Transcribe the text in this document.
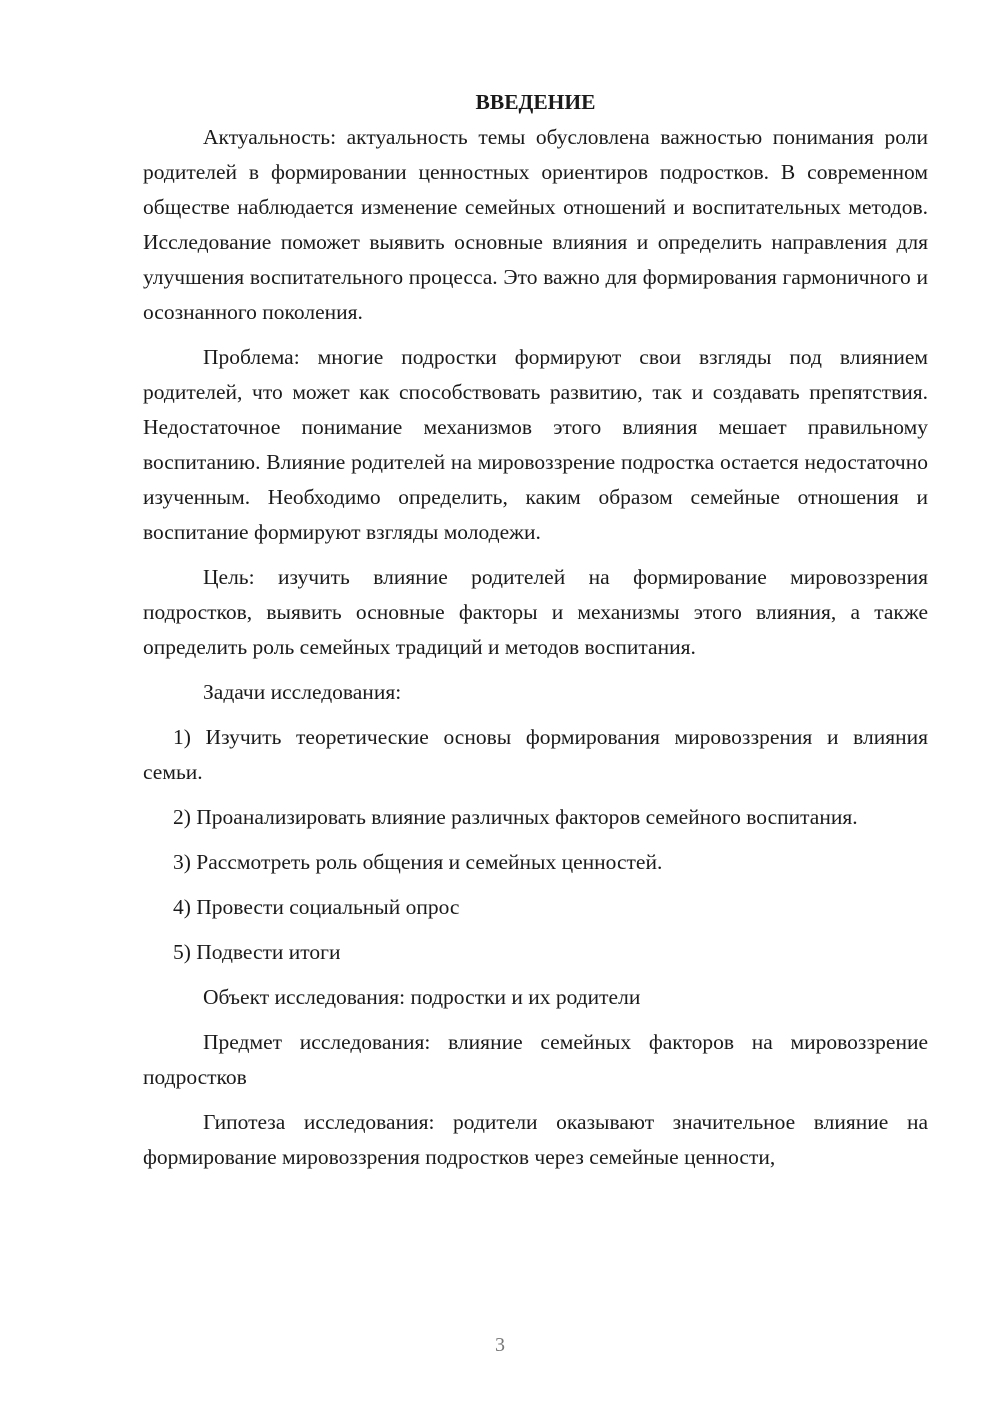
ВВЕДЕНИЕ

Актуальность: актуальность темы обусловлена важностью понимания роли родителей в формировании ценностных ориентиров подростков. В современном обществе наблюдается изменение семейных отношений и воспитательных методов. Исследование поможет выявить основные влияния и определить направления для улучшения воспитательного процесса. Это важно для формирования гармоничного и осознанного поколения.

Проблема: многие подростки формируют свои взгляды под влиянием родителей, что может как способствовать развитию, так и создавать препятствия. Недостаточное понимание механизмов этого влияния мешает правильному воспитанию. Влияние родителей на мировоззрение подростка остается недостаточно изученным. Необходимо определить, каким образом семейные отношения и воспитание формируют взгляды молодежи.

Цель: изучить влияние родителей на формирование мировоззрения подростков, выявить основные факторы и механизмы этого влияния, а также определить роль семейных традиций и методов воспитания.

Задачи исследования:

1) Изучить теоретические основы формирования мировоззрения и влияния семьи.

2) Проанализировать влияние различных факторов семейного воспитания.

3) Рассмотреть роль общения и семейных ценностей.

4) Провести социальный опрос

5) Подвести итоги

Объект исследования: подростки и их родители

Предмет исследования: влияние семейных факторов на мировоззрение подростков

Гипотеза исследования: родители оказывают значительное влияние на формирование мировоззрения подростков через семейные ценности,

3
